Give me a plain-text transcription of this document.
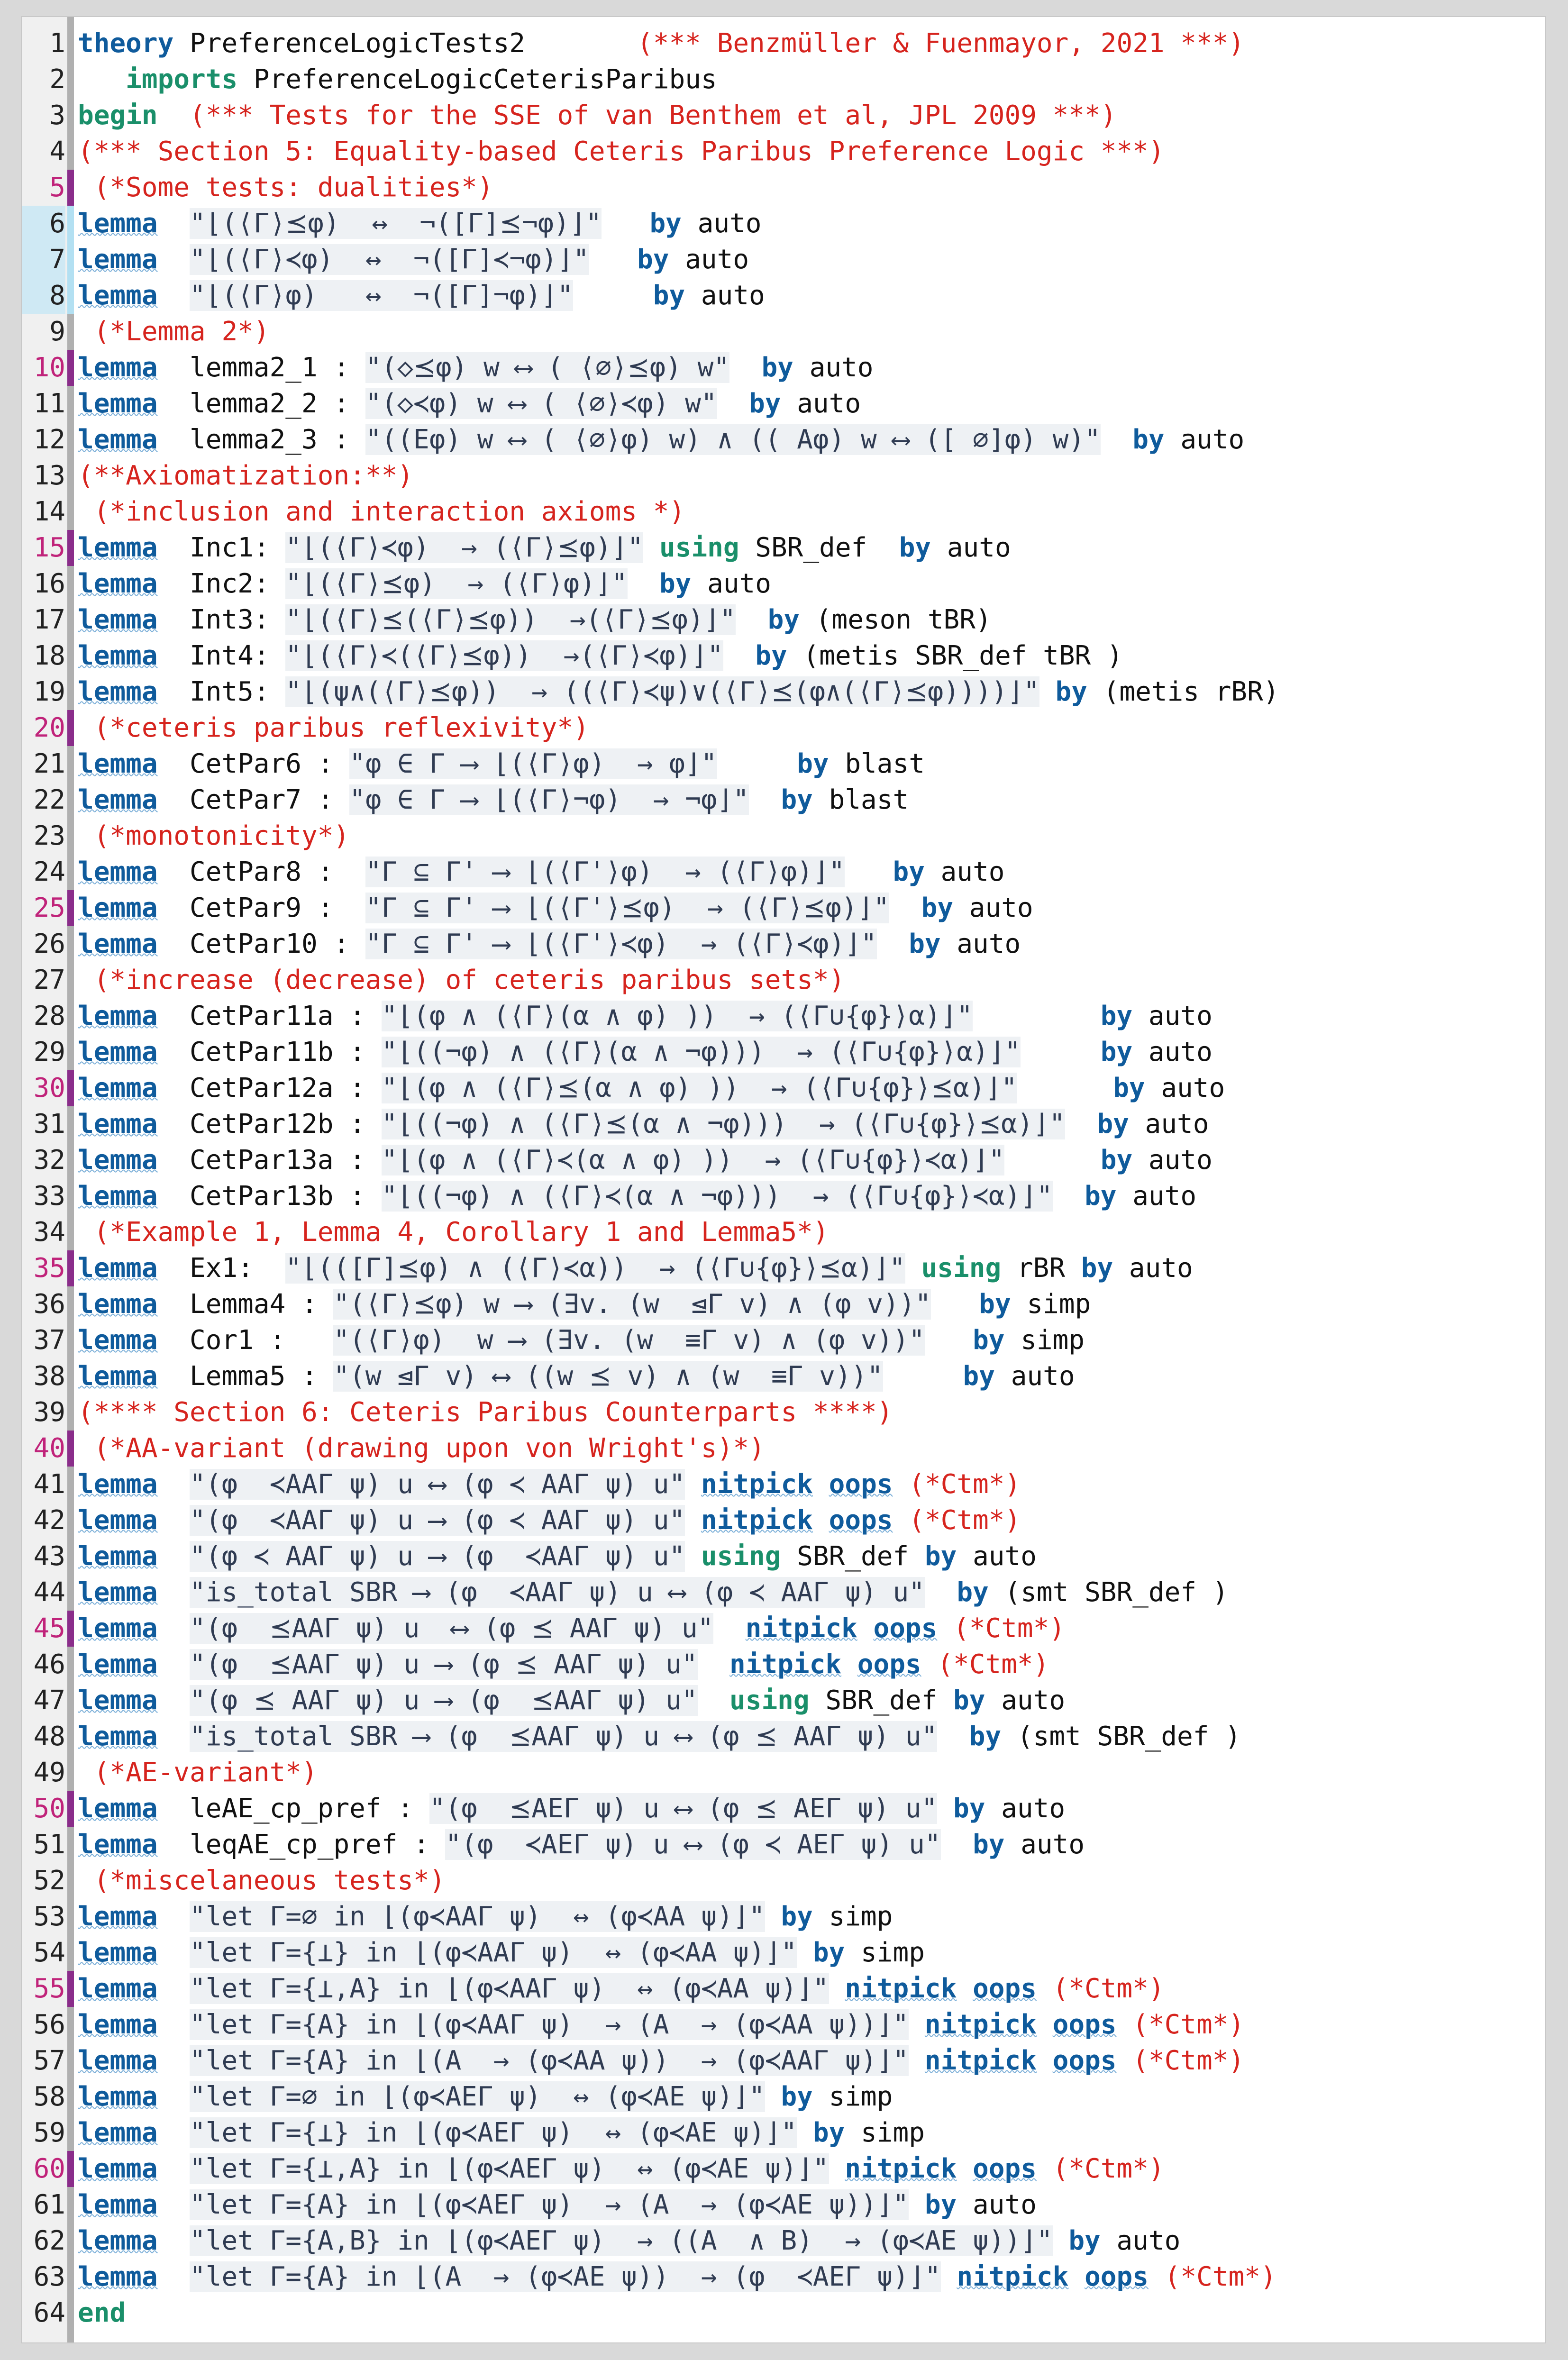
1 theory PreferenceLogicTests2       (*** Benzmüller & Fuenmayor, 2021 ***)
2	imports PreferenceLogicCeterisParibus
3 begin (*** Tests for the SSE of van Benthem et al, JPL 2009 ***)
4 (*** Section 5: Equality-based Ceteris Paribus Preference Logic ***)
5	(*Some tests: dualities*)
6 lemma "⌊(⟨Γ⟩⪯φ)  ↔  ¬([Γ]⪯¬φ)⌋" by auto
7 lemma "⌊(⟨Γ⟩≺φ)  ↔  ¬([Γ]≺¬φ)⌋" by auto
8 lemma "⌊(⟨Γ⟩φ)   ↔  ¬([Γ]¬φ)⌋"	by auto
9	(*Lemma 2*)
10 lemma  lemma2_1 : "(◇⪯φ) w ⟷ ( ⟨∅⟩⪯φ) w" by auto
11 lemma  lemma2_2 : "(◇≺φ) w ⟷ ( ⟨∅⟩≺φ) w" by auto
12 lemma  lemma2_3 : "((Eφ) w ⟷ ( ⟨∅⟩φ) w) ∧ (( Aφ) w ⟷ ([ ∅]φ) w)" by auto
13 (**Axiomatization:**)
14	(*inclusion and interaction axioms *)
15 lemma  Inc1: "⌊(⟨Γ⟩≺φ)  → (⟨Γ⟩⪯φ)⌋" using SBR_def  by auto
16 lemma  Inc2: "⌊(⟨Γ⟩⪯φ)  → (⟨Γ⟩φ)⌋" by auto
17 lemma  Int3: "⌊(⟨Γ⟩⪯(⟨Γ⟩⪯φ))  →(⟨Γ⟩⪯φ)⌋" by (meson tBR)
18 lemma  Int4: "⌊(⟨Γ⟩≺(⟨Γ⟩⪯φ))  →(⟨Γ⟩≺φ)⌋" by (metis SBR_def tBR )
19 lemma  Int5: "⌊(ψ∧(⟨Γ⟩⪯φ))  → ((⟨Γ⟩≺ψ)∨(⟨Γ⟩⪯(φ∧(⟨Γ⟩⪯φ))))⌋" by (metis rBR)
20	(*ceteris paribus reflexivity*)
21 lemma  CetPar6 : "φ ∈ Γ ⟶ ⌊(⟨Γ⟩φ)  → φ⌋"	by blast
22 lemma  CetPar7 : "φ ∈ Γ ⟶ ⌊(⟨Γ⟩¬φ)  → ¬φ⌋" by blast
23	(*monotonicity*)
24 lemma  CetPar8 :  "Γ ⊆ Γ' ⟶ ⌊(⟨Γ'⟩φ)  → (⟨Γ⟩φ)⌋" by auto
25 lemma  CetPar9 :  "Γ ⊆ Γ' ⟶ ⌊(⟨Γ'⟩⪯φ)  → (⟨Γ⟩⪯φ)⌋" by auto
26 lemma  CetPar10 : "Γ ⊆ Γ' ⟶ ⌊(⟨Γ'⟩≺φ)  → (⟨Γ⟩≺φ)⌋" by auto
27	(*increase (decrease) of ceteris paribus sets*)
28 lemma  CetPar11a : "⌊(φ ∧ (⟨Γ⟩(α ∧ φ) ))  → (⟨Γ∪{φ}⟩α)⌋"	by auto
29 lemma  CetPar11b : "⌊((¬φ) ∧ (⟨Γ⟩(α ∧ ¬φ)))  → (⟨Γ∪{φ}⟩α)⌋"	by auto
30 lemma  CetPar12a : "⌊(φ ∧ (⟨Γ⟩⪯(α ∧ φ) ))  → (⟨Γ∪{φ}⟩⪯α)⌋"	by auto
31 lemma  CetPar12b : "⌊((¬φ) ∧ (⟨Γ⟩⪯(α ∧ ¬φ)))  → (⟨Γ∪{φ}⟩⪯α)⌋" by auto
32 lemma  CetPar13a : "⌊(φ ∧ (⟨Γ⟩≺(α ∧ φ) ))  → (⟨Γ∪{φ}⟩≺α)⌋"	by auto
33 lemma  CetPar13b : "⌊((¬φ) ∧ (⟨Γ⟩≺(α ∧ ¬φ)))  → (⟨Γ∪{φ}⟩≺α)⌋" by auto
34	(*Example 1, Lemma 4, Corollary 1 and Lemma5*)
35 lemma  Ex1:  "⌊(([Γ]⪯φ) ∧ (⟨Γ⟩≺α))  → (⟨Γ∪{φ}⟩⪯α)⌋" using rBR by auto
36 lemma  Lemma4 : "(⟨Γ⟩⪯φ) w ⟶ (∃v. (w  ⊴Γ v) ∧ (φ v))" by simp
37 lemma  Cor1 :   "(⟨Γ⟩φ)  w ⟶ (∃v. (w  ≡Γ v) ∧ (φ v))" by simp
38 lemma  Lemma5 : "(w ⊴Γ v) ⟷ ((w ⪯ v) ∧ (w  ≡Γ v))"	by auto
39 (**** Section 6: Ceteris Paribus Counterparts ****)
40	(*AA-variant (drawing upon von Wright's)*)
41 lemma "(φ  ≺AAΓ ψ) u ⟷ (φ ≺ AAΓ ψ) u" nitpick oops (*Ctm*)
42 lemma "(φ  ≺AAΓ ψ) u ⟶ (φ ≺ AAΓ ψ) u" nitpick oops (*Ctm*)
43 lemma "(φ ≺ AAΓ ψ) u ⟶ (φ  ≺AAΓ ψ) u" using SBR_def by auto
44 lemma "is_total SBR ⟶ (φ  ≺AAΓ ψ) u ⟷ (φ ≺ AAΓ ψ) u" by (smt SBR_def )
45 lemma "(φ  ⪯AAΓ ψ) u  ⟷ (φ ⪯ AAΓ ψ) u" nitpick oops (*Ctm*)
46 lemma "(φ  ⪯AAΓ ψ) u ⟶ (φ ⪯ AAΓ ψ) u" nitpick oops (*Ctm*)
47 lemma "(φ ⪯ AAΓ ψ) u ⟶ (φ  ⪯AAΓ ψ) u" using SBR_def by auto
48 lemma "is_total SBR ⟶ (φ  ⪯AAΓ ψ) u ⟷ (φ ⪯ AAΓ ψ) u" by (smt SBR_def )
49	(*AE-variant*)
50 lemma  leAE_cp_pref : "(φ  ⪯AEΓ ψ) u ⟷ (φ ⪯ AEΓ ψ) u" by auto
51 lemma  leqAE_cp_pref : "(φ  ≺AEΓ ψ) u ⟷ (φ ≺ AEΓ ψ) u" by auto
52	(*miscelaneous tests*)
53 lemma "let Γ=∅ in ⌊(φ≺AAΓ ψ)  ↔ (φ≺AA ψ)⌋" by simp
54 lemma "let Γ={⊥} in ⌊(φ≺AAΓ ψ)  ↔ (φ≺AA ψ)⌋" by simp
55 lemma "let Γ={⊥,A} in ⌊(φ≺AAΓ ψ)  ↔ (φ≺AA ψ)⌋" nitpick oops (*Ctm*)
56 lemma "let Γ={A} in ⌊(φ≺AAΓ ψ)  → (A  → (φ≺AA ψ))⌋" nitpick oops (*Ctm*)
57 lemma "let Γ={A} in ⌊(A  → (φ≺AA ψ))  → (φ≺AAΓ ψ)⌋" nitpick oops (*Ctm*)
58 lemma "let Γ=∅ in ⌊(φ≺AEΓ ψ)  ↔ (φ≺AE ψ)⌋" by simp
59 lemma "let Γ={⊥} in ⌊(φ≺AEΓ ψ)  ↔ (φ≺AE ψ)⌋" by simp
60 lemma "let Γ={⊥,A} in ⌊(φ≺AEΓ ψ)  ↔ (φ≺AE ψ)⌋" nitpick oops (*Ctm*)
61 lemma "let Γ={A} in ⌊(φ≺AEΓ ψ)  → (A  → (φ≺AE ψ))⌋" by auto
62 lemma "let Γ={A,B} in ⌊(φ≺AEΓ ψ)  → ((A  ∧ B)  → (φ≺AE ψ))⌋" by auto
63 lemma "let Γ={A} in ⌊(A  → (φ≺AE ψ))  → (φ  ≺AEΓ ψ)⌋" nitpick oops (*Ctm*)
64 end
